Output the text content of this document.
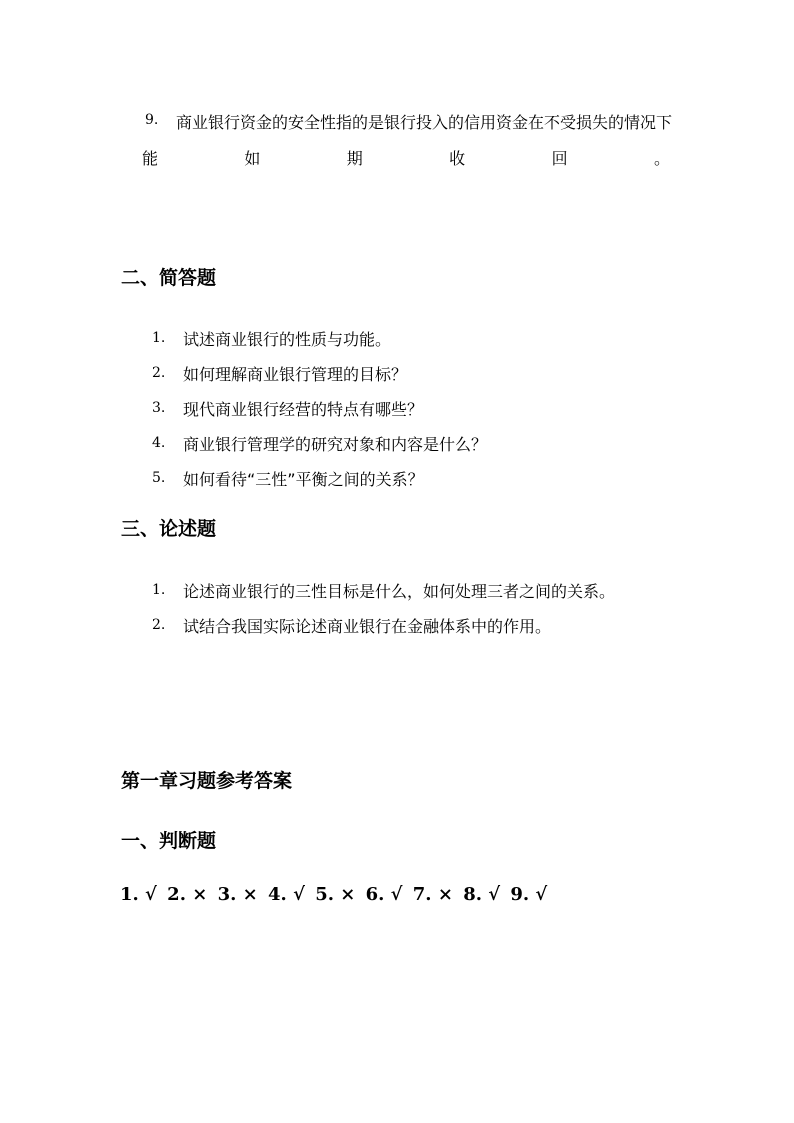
9. 商业银行资金的安全性指的是银行投入的信用资金在不受损失的情况下
能	如	期	收	回	。
二、简答题
1. 试述商业银行的性质与功能。
2. 如何理解商业银行管理的目标？
3. 现代商业银行经营的特点有哪些？
4. 商业银行管理学的研究对象和内容是什么？
5. 如何看待“三性”平衡之间的关系？
三、论述题
1. 论述商业银行的三性目标是什么，如何处理三者之间的关系。
2. 试结合我国实际论述商业银行在金融体系中的作用。
第一章习题参考答案
一、判断题
1. √ 2. × 3. × 4. √ 5. × 6. √ 7. × 8. √ 9. √
